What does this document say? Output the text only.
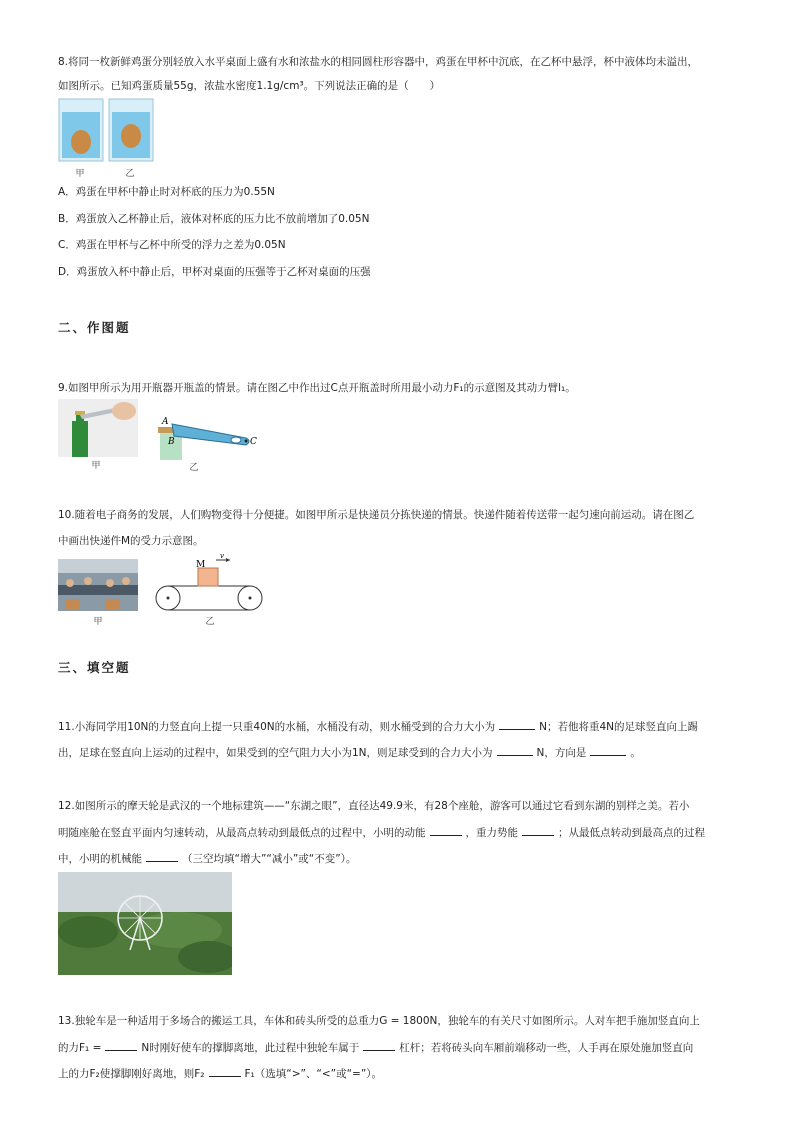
8.将同一枚新鲜鸡蛋分别轻放入水平桌面上盛有水和浓盐水的相同圆柱形容器中，鸡蛋在甲杯中沉底，在乙杯中悬浮，杯中液体均未溢出，
如图所示。已知鸡蛋质量55g，浓盐水密度1.1g/cm³。下列说法正确的是（　　）
甲	乙
A．鸡蛋在甲杯中静止时对杯底的压力为0.55N
B．鸡蛋放入乙杯静止后，液体对杯底的压力比不放前增加了0.05N
C．鸡蛋在甲杯与乙杯中所受的浮力之差为0.05N
D．鸡蛋放入杯中静止后，甲杯对桌面的压强等于乙杯对桌面的压强
二、作图题
9.如图甲所示为用开瓶器开瓶盖的情景。请在图乙中作出过C点开瓶盖时所用最小动力F₁的示意图及其动力臂l₁。
甲
A
B	C
乙
10.随着电子商务的发展，人们购物变得十分便捷。如图甲所示是快递员分拣快递的情景。快递件随着传送带一起匀速向前运动。请在图乙
中画出快递件M的受力示意图。
甲
M
v
乙
三、填空题
11.小海同学用10N的力竖直向上提一只重40N的水桶，水桶没有动，则水桶受到的合力大小为	N；若他将重4N的足球竖直向上踢
出，足球在竖直向上运动的过程中，如果受到的空气阻力大小为1N，则足球受到的合力大小为	N，方向是	。
12.如图所示的摩天轮是武汉的一个地标建筑——“东湖之眼”，直径达49.9米，有28个座舱，游客可以通过它看到东湖的别样之美。若小
明随座舱在竖直平面内匀速转动，从最高点转动到最低点的过程中，小明的动能	，重力势能	；从最低点转动到最高点的过程
中，小明的机械能	（三空均填“增大”“减小”或“不变”）。
13.独轮车是一种适用于多场合的搬运工具，车体和砖头所受的总重力G = 1800N，独轮车的有关尺寸如图所示。人对车把手施加竖直向上
的力F₁ =	N时刚好使车的撑脚离地，此过程中独轮车属于	杠杆；若将砖头向车厢前端移动一些，人手再在原处施加竖直向
上的力F₂使撑脚刚好离地，则F₂	F₁（选填“>”、“<”或“=”）。
